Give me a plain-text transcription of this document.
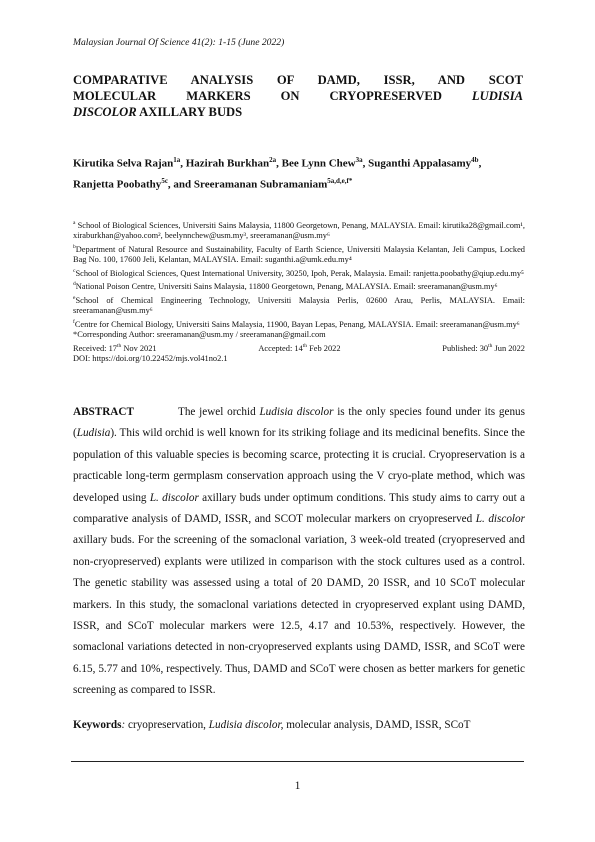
Malaysian Journal Of Science 41(2): 1-15 (June 2022)
COMPARATIVE ANALYSIS OF DAMD, ISSR, AND SCOT
MOLECULAR MARKERS ON CRYOPRESERVED LUDISIA
DISCOLOR AXILLARY BUDS
Kirutika Selva Rajan$^{1a}$, Hazirah Burkhan$^{2a}$, Bee Lynn Chew$^{3a}$, Suganthi Appalasamy$^{4b}$,
Ranjetta Poobathy$^{5c}$, and Sreeramanan Subramaniam$^{5a,d,e,f*}$
$^a$ School of Biological Sciences, Universiti Sains Malaysia, 11800 Georgetown, Penang, MALAYSIA. Email: kirutika28@gmail.com¹, xiraburkhan@yahoo.com², beelynnchew@usm.my³, sreeramanan@usm.my⁶
$^b$Department of Natural Resource and Sustainability, Faculty of Earth Science, Universiti Malaysia Kelantan, Jeli Campus, Locked Bag No. 100, 17600 Jeli, Kelantan, MALAYSIA. Email: suganthi.a@umk.edu.my⁴
$^c$School of Biological Sciences, Quest International University, 30250, Ipoh, Perak, Malaysia. Email: ranjetta.poobathy@qiup.edu.my⁵
$^d$National Poison Centre, Universiti Sains Malaysia, 11800 Georgetown, Penang, MALAYSIA. Email: sreeramanan@usm.my⁶
$^e$School of Chemical Engineering Technology, Universiti Malaysia Perlis, 02600 Arau, Perlis, MALAYSIA. Email: sreeramanan@usm.my⁶
$^f$Centre for Chemical Biology, Universiti Sains Malaysia, 11900, Bayan Lepas, Penang, MALAYSIA. Email: sreeramanan@usm.my⁶
*Corresponding Author: sreeramanan@usm.my / sreeramanan@gmail.com
Received: 17th Nov 2021	Accepted: 14th Feb 2022	Published: 30th Jun 2022
DOI: https://doi.org/10.22452/mjs.vol41no2.1
ABSTRACT	The jewel orchid Ludisia discolor is the only species found under its genus (Ludisia). This wild orchid is well known for its striking foliage and its medicinal benefits. Since the population of this valuable species is becoming scarce, protecting it is crucial. Cryopreservation is a practicable long-term germplasm conservation approach using the V cryo-plate method, which was developed using L. discolor axillary buds under optimum conditions. This study aims to carry out a comparative analysis of DAMD, ISSR, and SCOT molecular markers on cryopreserved L. discolor axillary buds. For the screening of the somaclonal variation, 3 week-old treated (cryopreserved and non-cryopreserved) explants were utilized in comparison with the stock cultures used as a control. The genetic stability was assessed using a total of 20 DAMD, 20 ISSR, and 10 SCoT molecular markers. In this study, the somaclonal variations detected in cryopreserved explant using DAMD, ISSR, and SCoT molecular markers were 12.5, 4.17 and 10.53%, respectively. However, the somaclonal variations detected in non-cryopreserved explants using DAMD, ISSR, and SCoT were 6.15, 5.77 and 10%, respectively. Thus, DAMD and SCoT were chosen as better markers for genetic screening as compared to ISSR.
Keywords: cryopreservation, Ludisia discolor, molecular analysis, DAMD, ISSR, SCoT
1
